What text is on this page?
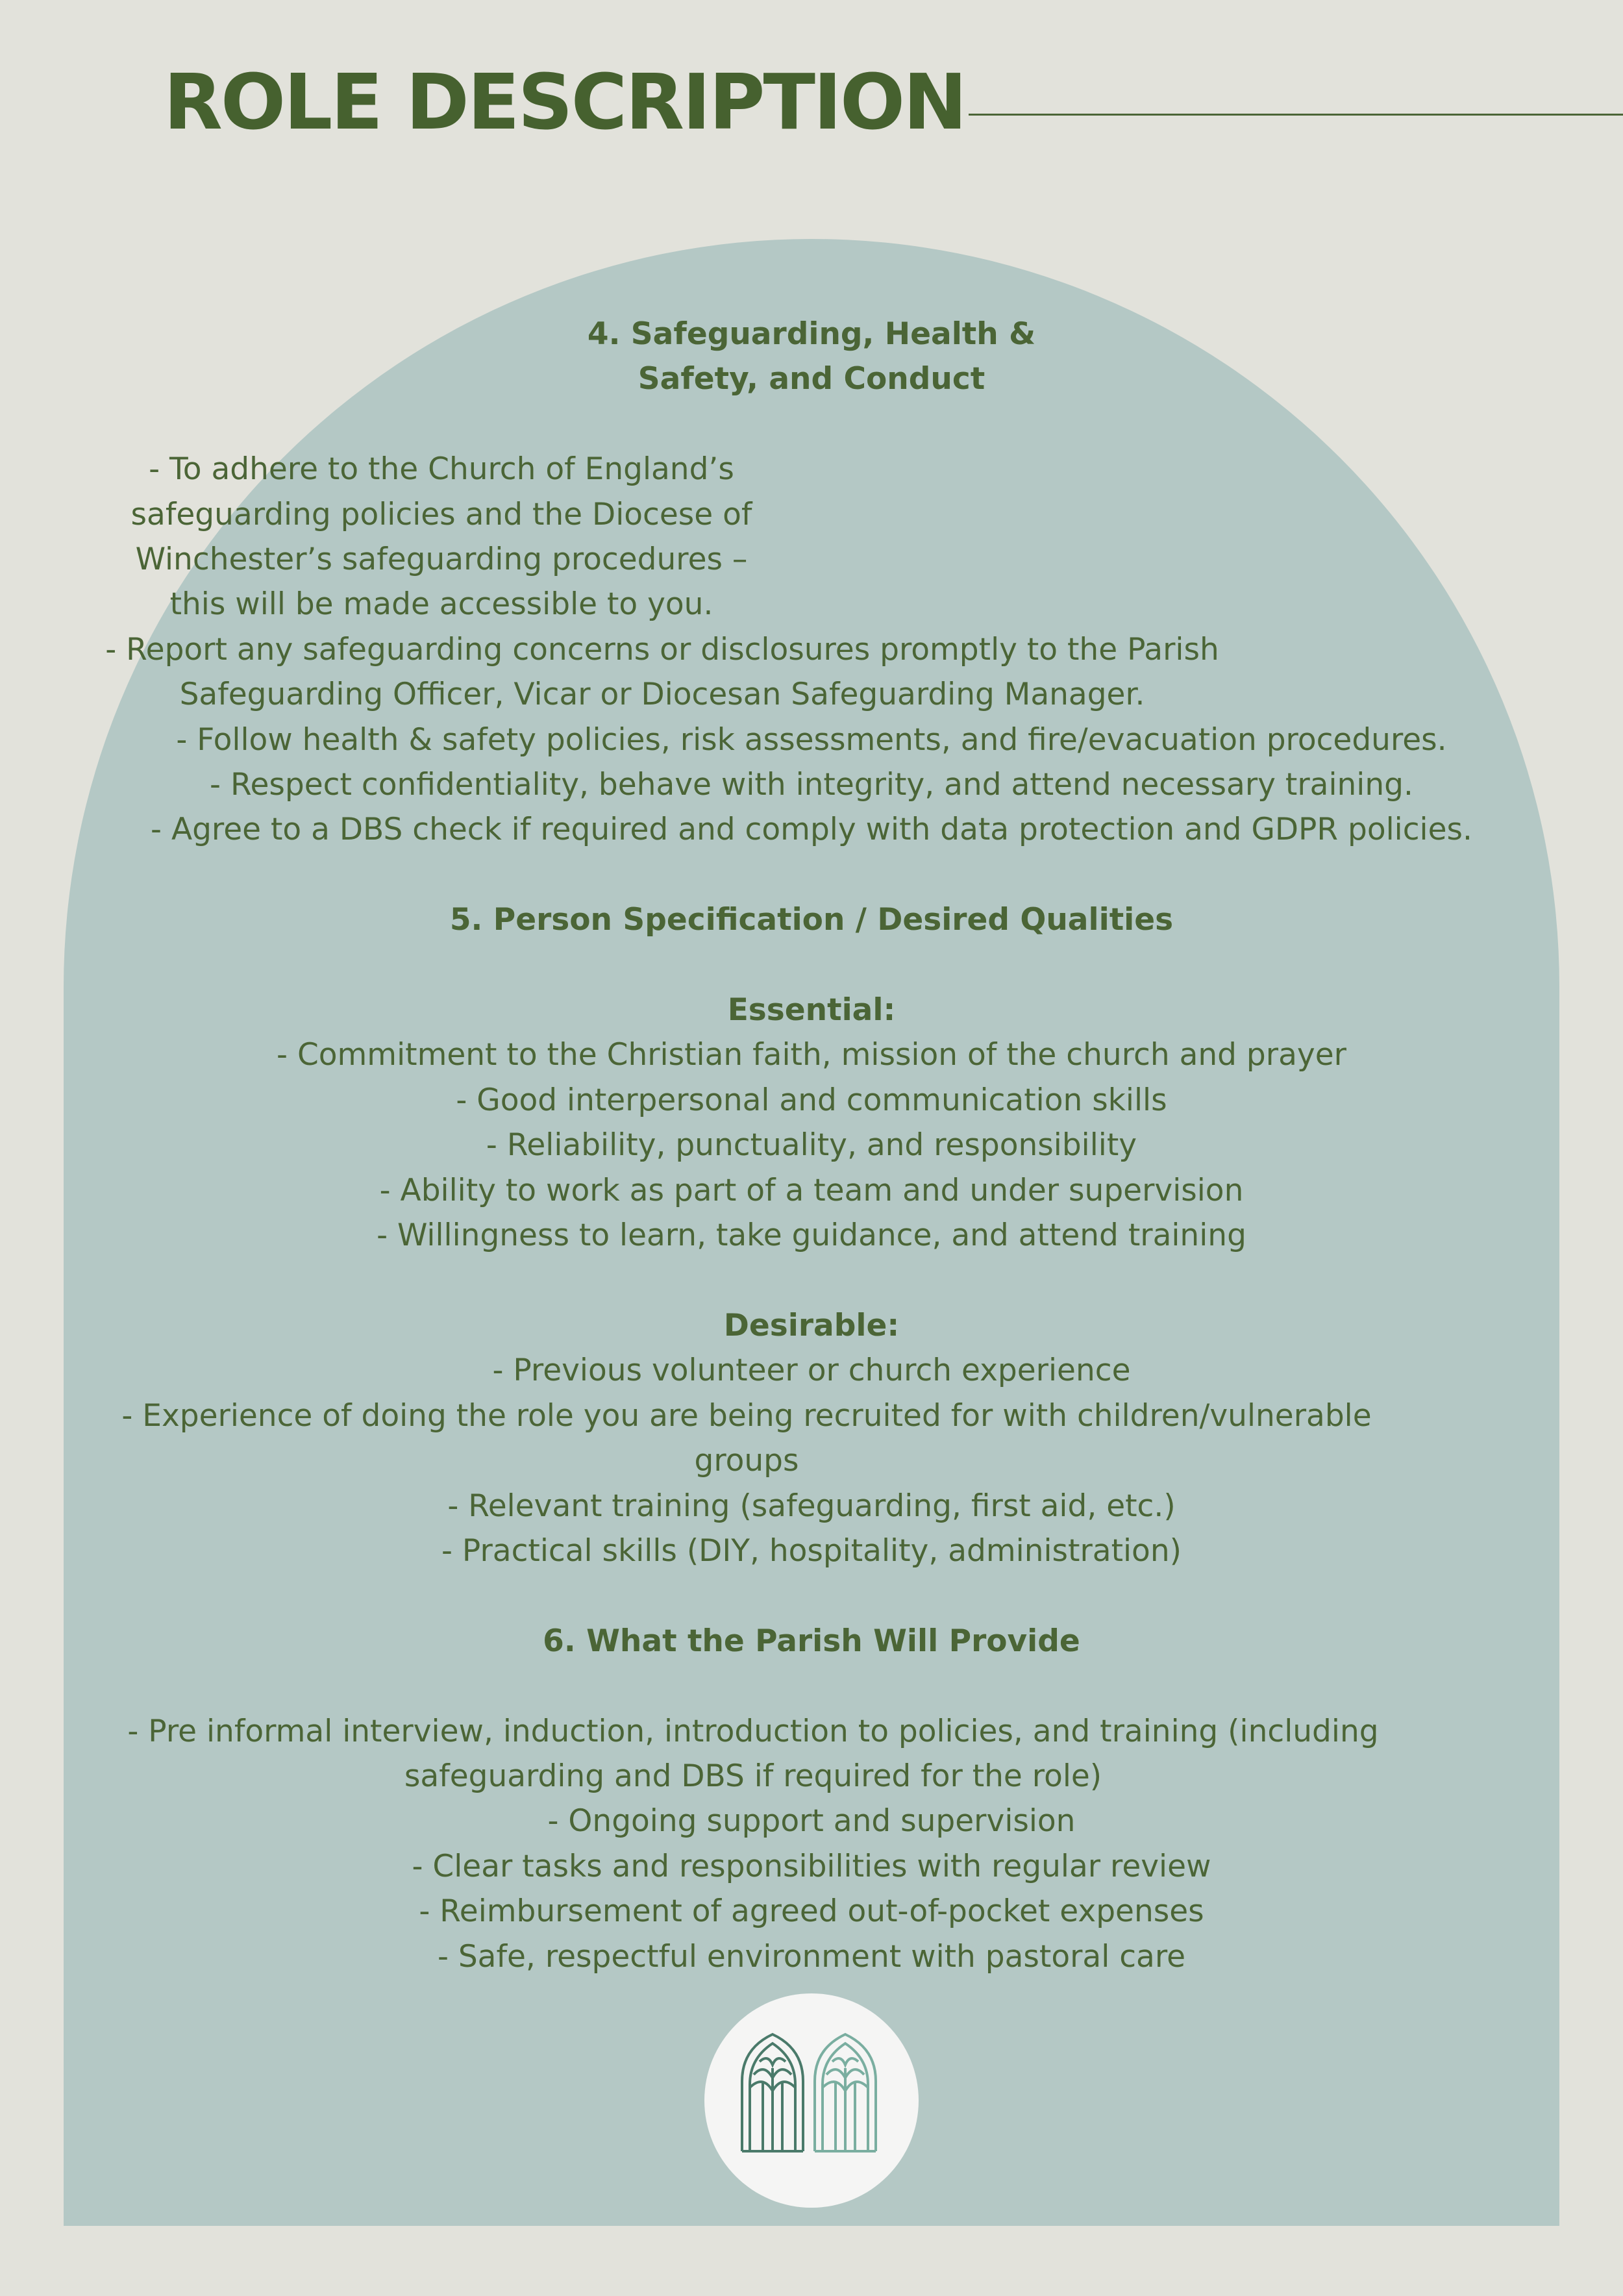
ROLE DESCRIPTION
4. Safeguarding, Health &
Safety, and Conduct

- To adhere to the Church of England’s
safeguarding policies and the Diocese of
Winchester’s safeguarding procedures –
this will be made accessible to you.

- Report any safeguarding concerns or disclosures promptly to the Parish Safeguarding Officer, Vicar or Diocesan Safeguarding Manager.
- Follow health & safety policies, risk assessments, and fire/evacuation procedures.
- Respect confidentiality, behave with integrity, and attend necessary training.
- Agree to a DBS check if required and comply with data protection and GDPR policies.
5. Person Specification / Desired Qualities
Essential:
- Commitment to the Christian faith, mission of the church and prayer
- Good interpersonal and communication skills
- Reliability, punctuality, and responsibility
- Ability to work as part of a team and under supervision
- Willingness to learn, take guidance, and attend training
Desirable:
- Previous volunteer or church experience
- Experience of doing the role you are being recruited for with children/vulnerable groups
- Relevant training (safeguarding, first aid, etc.)
- Practical skills (DIY, hospitality, administration)
6. What the Parish Will Provide
- Pre informal interview, induction, introduction to policies, and training (including safeguarding and DBS if required for the role)
- Ongoing support and supervision
- Clear tasks and responsibilities with regular review
- Reimbursement of agreed out-of-pocket expenses
- Safe, respectful environment with pastoral care
